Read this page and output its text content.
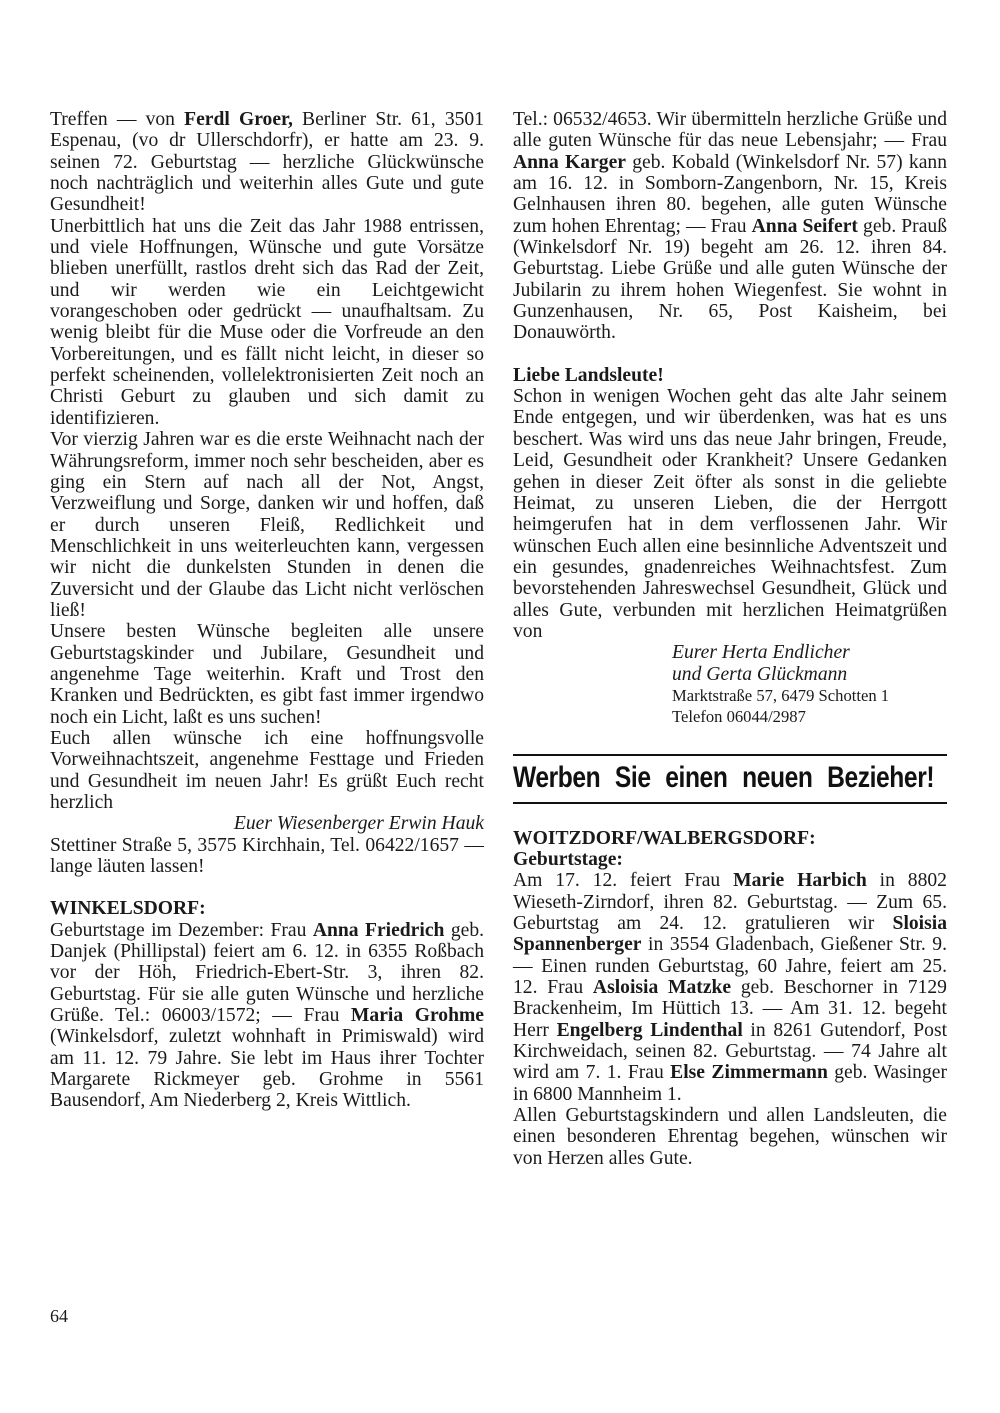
Treffen — von Ferdl Groer, Berliner Str. 61, 3501 Espenau, (vo dr Ullerschdorfr), er hatte am 23. 9. seinen 72. Geburtstag — herzliche Glückwünsche noch nachträglich und weiterhin alles Gute und gute Gesundheit!

Unerbittlich hat uns die Zeit das Jahr 1988 entrissen, und viele Hoffnungen, Wünsche und gute Vorsätze blieben unerfüllt, rastlos dreht sich das Rad der Zeit, und wir werden wie ein Leichtgewicht vorangeschoben oder gedrückt — unaufhaltsam. Zu wenig bleibt für die Muse oder die Vorfreude an den Vorbereitungen, und es fällt nicht leicht, in dieser so perfekt scheinenden, vollelektronisierten Zeit noch an Christi Geburt zu glauben und sich damit zu identifizieren.

Vor vierzig Jahren war es die erste Weihnacht nach der Währungsreform, immer noch sehr bescheiden, aber es ging ein Stern auf nach all der Not, Angst, Verzweiflung und Sorge, danken wir und hoffen, daß er durch unseren Fleiß, Redlichkeit und Menschlichkeit in uns weiterleuchten kann, vergessen wir nicht die dunkelsten Stunden in denen die Zuversicht und der Glaube das Licht nicht verlöschen ließ!

Unsere besten Wünsche begleiten alle unsere Geburtstagskinder und Jubilare, Gesundheit und angenehme Tage weiterhin. Kraft und Trost den Kranken und Bedrückten, es gibt fast immer irgendwo noch ein Licht, laßt es uns suchen!

Euch allen wünsche ich eine hoffnungsvolle Vorweihnachtszeit, angenehme Festtage und Frieden und Gesundheit im neuen Jahr! Es grüßt Euch recht herzlich

Euer Wiesenberger Erwin Hauk

Stettiner Straße 5, 3575 Kirchhain, Tel. 06422/1657 — lange läuten lassen!

WINKELSDORF:

Geburtstage im Dezember: Frau Anna Friedrich geb. Danjek (Phillipstal) feiert am 6. 12. in 6355 Roßbach vor der Höh, Friedrich-Ebert-Str. 3, ihren 82. Geburtstag. Für sie alle guten Wünsche und herzliche Grüße. Tel.: 06003/1572; — Frau Maria Grohme (Winkelsdorf, zuletzt wohnhaft in Primiswald) wird am 11. 12. 79 Jahre. Sie lebt im Haus ihrer Tochter Margarete Rickmeyer geb. Grohme in 5561 Bausendorf, Am Niederberg 2, Kreis Wittlich.

Tel.: 06532/4653. Wir übermitteln herzliche Grüße und alle guten Wünsche für das neue Lebensjahr; — Frau Anna Karger geb. Kobald (Winkelsdorf Nr. 57) kann am 16. 12. in Somborn-Zangenborn, Nr. 15, Kreis Gelnhausen ihren 80. begehen, alle guten Wünsche zum hohen Ehrentag; — Frau Anna Seifert geb. Prauß (Winkelsdorf Nr. 19) begeht am 26. 12. ihren 84. Geburtstag. Liebe Grüße und alle guten Wünsche der Jubilarin zu ihrem hohen Wiegenfest. Sie wohnt in Gunzenhausen, Nr. 65, Post Kaisheim, bei Donauwörth.

Liebe Landsleute!

Schon in wenigen Wochen geht das alte Jahr seinem Ende entgegen, und wir überdenken, was hat es uns beschert. Was wird uns das neue Jahr bringen, Freude, Leid, Gesundheit oder Krankheit? Unsere Gedanken gehen in dieser Zeit öfter als sonst in die geliebte Heimat, zu unseren Lieben, die der Herrgott heimgerufen hat in dem verflossenen Jahr. Wir wünschen Euch allen eine besinnliche Adventszeit und ein gesundes, gnadenreiches Weihnachtsfest. Zum bevorstehenden Jahreswechsel Gesundheit, Glück und alles Gute, verbunden mit herzlichen Heimatgrüßen von

Eurer Herta Endlicher

und Gerta Glückmann

Marktstraße 57, 6479 Schotten 1

Telefon 06044/2987

Werben Sie einen neuen Bezieher!

WOITZDORF/WALBERGSDORF:

Geburtstage:

Am 17. 12. feiert Frau Marie Harbich in 8802 Wieseth-Zirndorf, ihren 82. Geburtstag. — Zum 65. Geburtstag am 24. 12. gratulieren wir Sloisia Spannenberger in 3554 Gladenbach, Gießener Str. 9. — Einen runden Geburtstag, 60 Jahre, feiert am 25. 12. Frau Asloisia Matzke geb. Beschorner in 7129 Brackenheim, Im Hüttich 13. — Am 31. 12. begeht Herr Engelberg Lindenthal in 8261 Gutendorf, Post Kirchweidach, seinen 82. Geburtstag. — 74 Jahre alt wird am 7. 1. Frau Else Zimmermann geb. Wasinger in 6800 Mannheim 1.

Allen Geburtstagskindern und allen Landsleuten, die einen besonderen Ehrentag begehen, wünschen wir von Herzen alles Gute.

64
